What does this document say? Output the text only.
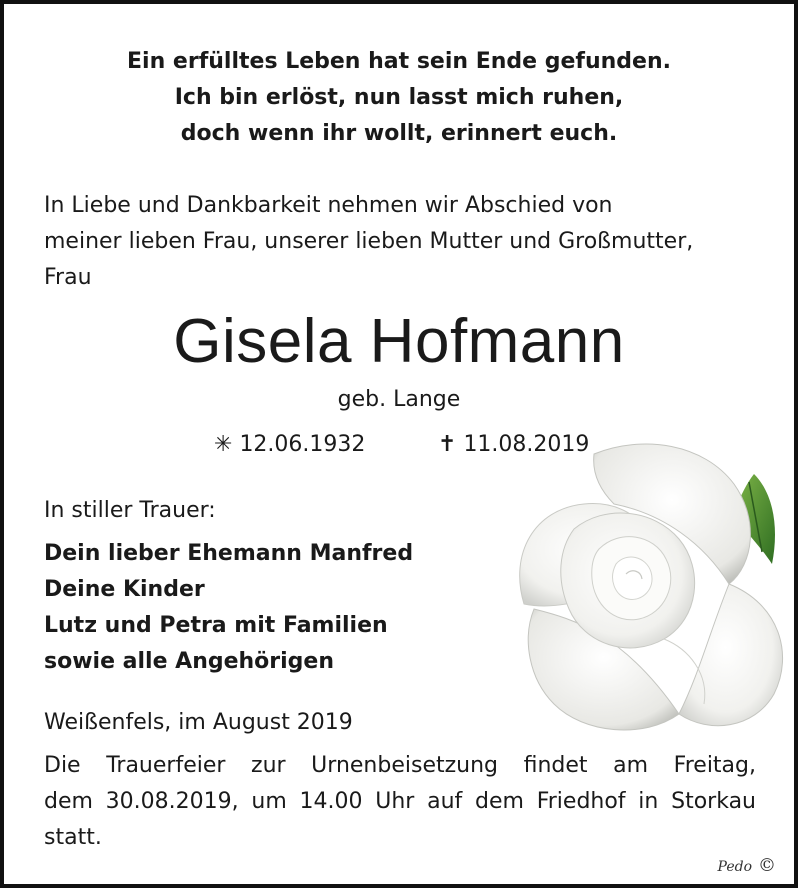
Ein erfülltes Leben hat sein Ende gefunden.
Ich bin erlöst, nun lasst mich ruhen,
doch wenn ihr wollt, erinnert euch.
In Liebe und Dankbarkeit nehmen wir Abschied von
meiner lieben Frau, unserer lieben Mutter und Großmutter,
Frau
Gisela Hofmann
geb. Lange
✳ 12.06.1932	✝ 11.08.2019
In stiller Trauer:
Dein lieber Ehemann Manfred
Deine Kinder
Lutz und Petra mit Familien
sowie alle Angehörigen
Weißenfels, im August 2019
Die Trauerfeier zur Urnenbeisetzung findet am Freitag,
dem 30.08.2019, um 14.00 Uhr auf dem Friedhof in Storkau
statt.
Pedo ©
